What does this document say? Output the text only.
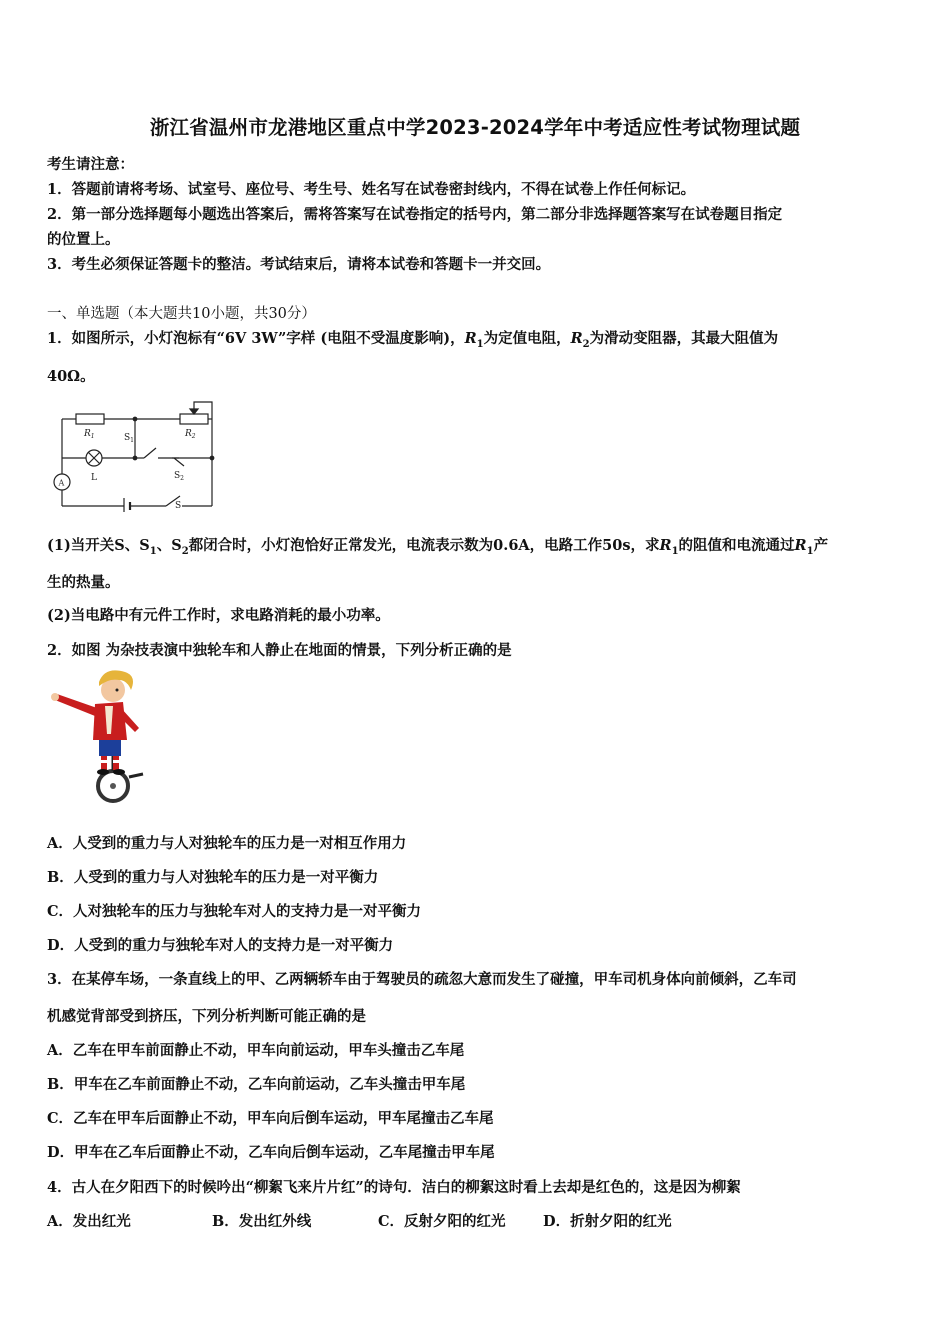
浙江省温州市龙港地区重点中学2023-2024学年中考适应性考试物理试题
考生请注意：
1．答题前请将考场、试室号、座位号、考生号、姓名写在试卷密封线内，不得在试卷上作任何标记。
2．第一部分选择题每小题选出答案后，需将答案写在试卷指定的括号内，第二部分非选择题答案写在试卷题目指定
的位置上。
3．考生必须保证答题卡的整洁。考试结束后，请将本试卷和答题卡一并交回。
一、单选题（本大题共10小题，共30分）
1．如图所示，小灯泡标有“6V 3W”字样 (电阻不受温度影响)，$R_1$为定值电阻，$R_2$为滑动变阻器，其最大阻值为
40Ω。
$R_1$	$R_2$
$S_1$
$S_2$
L
A
S
(1)当开关S、$S_1$、$S_2$都闭合时，小灯泡恰好正常发光，电流表示数为0.6A，电路工作50s，求$R_1$的阻值和电流通过$R_1$产
生的热量。
(2)当电路中有元件工作时，求电路消耗的最小功率。
2．如图 为杂技表演中独轮车和人静止在地面的情景，下列分析正确的是
A．人受到的重力与人对独轮车的压力是一对相互作用力
B．人受到的重力与人对独轮车的压力是一对平衡力
C．人对独轮车的压力与独轮车对人的支持力是一对平衡力
D．人受到的重力与独轮车对人的支持力是一对平衡力
3．在某停车场，一条直线上的甲、乙两辆轿车由于驾驶员的疏忽大意而发生了碰撞，甲车司机身体向前倾斜，乙车司
机感觉背部受到挤压，下列分析判断可能正确的是
A．乙车在甲车前面静止不动，甲车向前运动，甲车头撞击乙车尾
B．甲车在乙车前面静止不动，乙车向前运动，乙车头撞击甲车尾
C．乙车在甲车后面静止不动，甲车向后倒车运动，甲车尾撞击乙车尾
D．甲车在乙车后面静止不动，乙车向后倒车运动，乙车尾撞击甲车尾
4．古人在夕阳西下的时候吟出“柳絮飞来片片红”的诗句．洁白的柳絮这时看上去却是红色的，这是因为柳絮
A．发出红光	B．发出红外线	C．反射夕阳的红光	D．折射夕阳的红光
